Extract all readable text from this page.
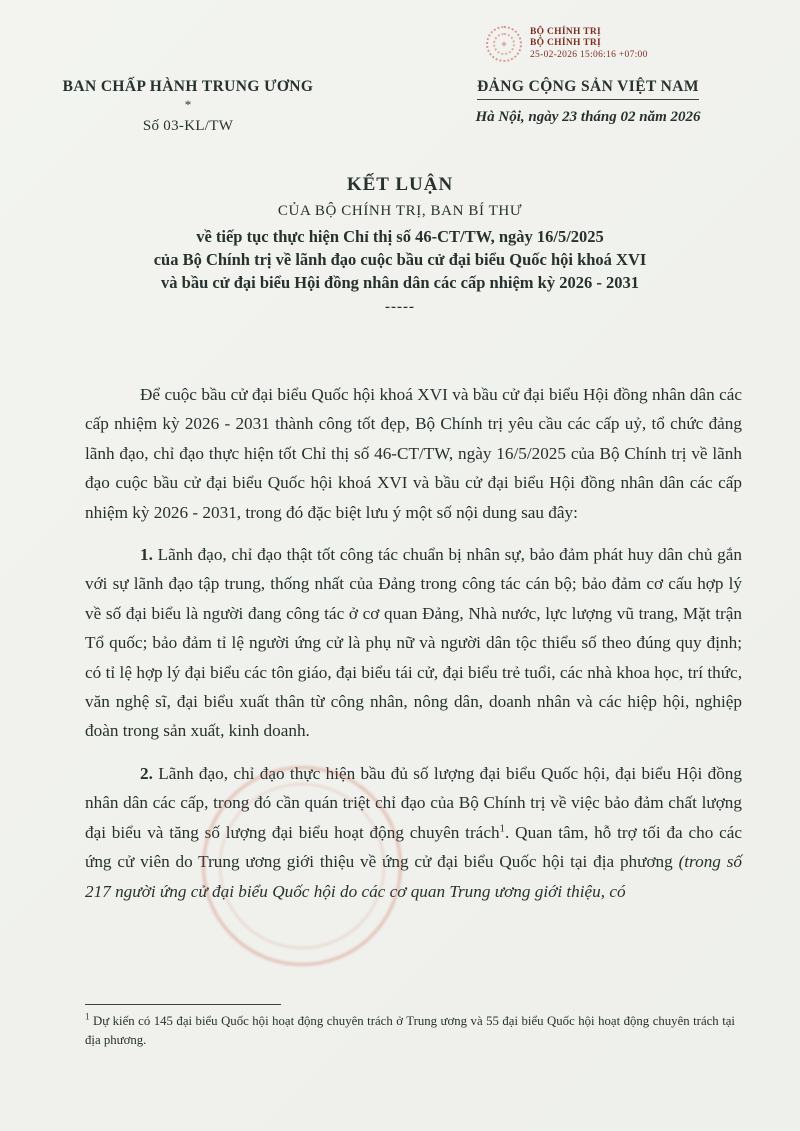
BỘ CHÍNH TRỊ
BỘ CHÍNH TRỊ
25-02-2026 15:06:16 +07:00
BAN CHẤP HÀNH TRUNG ƯƠNG
*
Số 03-KL/TW
ĐẢNG CỘNG SẢN VIỆT NAM
Hà Nội, ngày 23 tháng 02 năm 2026
KẾT LUẬN
CỦA BỘ CHÍNH TRỊ, BAN BÍ THƯ
về tiếp tục thực hiện Chỉ thị số 46-CT/TW, ngày 16/5/2025
của Bộ Chính trị về lãnh đạo cuộc bầu cử đại biểu Quốc hội khoá XVI
và bầu cử đại biểu Hội đồng nhân dân các cấp nhiệm kỳ 2026 - 2031
-----

Để cuộc bầu cử đại biểu Quốc hội khoá XVI và bầu cử đại biểu Hội đồng nhân dân các cấp nhiệm kỳ 2026 - 2031 thành công tốt đẹp, Bộ Chính trị yêu cầu các cấp uỷ, tổ chức đảng lãnh đạo, chỉ đạo thực hiện tốt Chỉ thị số 46-CT/TW, ngày 16/5/2025 của Bộ Chính trị về lãnh đạo cuộc bầu cử đại biểu Quốc hội khoá XVI và bầu cử đại biểu Hội đồng nhân dân các cấp nhiệm kỳ 2026 - 2031, trong đó đặc biệt lưu ý một số nội dung sau đây:

1. Lãnh đạo, chỉ đạo thật tốt công tác chuẩn bị nhân sự, bảo đảm phát huy dân chủ gắn với sự lãnh đạo tập trung, thống nhất của Đảng trong công tác cán bộ; bảo đảm cơ cấu hợp lý về số đại biểu là người đang công tác ở cơ quan Đảng, Nhà nước, lực lượng vũ trang, Mặt trận Tổ quốc; bảo đảm tỉ lệ người ứng cử là phụ nữ và người dân tộc thiểu số theo đúng quy định; có tỉ lệ hợp lý đại biểu các tôn giáo, đại biểu tái cử, đại biểu trẻ tuổi, các nhà khoa học, trí thức, văn nghệ sĩ, đại biểu xuất thân từ công nhân, nông dân, doanh nhân và các hiệp hội, nghiệp đoàn trong sản xuất, kinh doanh.

2. Lãnh đạo, chỉ đạo thực hiện bầu đủ số lượng đại biểu Quốc hội, đại biểu Hội đồng nhân dân các cấp, trong đó cần quán triệt chỉ đạo của Bộ Chính trị về việc bảo đảm chất lượng đại biểu và tăng số lượng đại biểu hoạt động chuyên trách$^1$. Quan tâm, hỗ trợ tối đa cho các ứng cử viên do Trung ương giới thiệu về ứng cử đại biểu Quốc hội tại địa phương (trong số 217 người ứng cử đại biểu Quốc hội do các cơ quan Trung ương giới thiệu, có

$^1$ Dự kiến có 145 đại biểu Quốc hội hoạt động chuyên trách ở Trung ương và 55 đại biểu Quốc hội hoạt động chuyên trách tại địa phương.
